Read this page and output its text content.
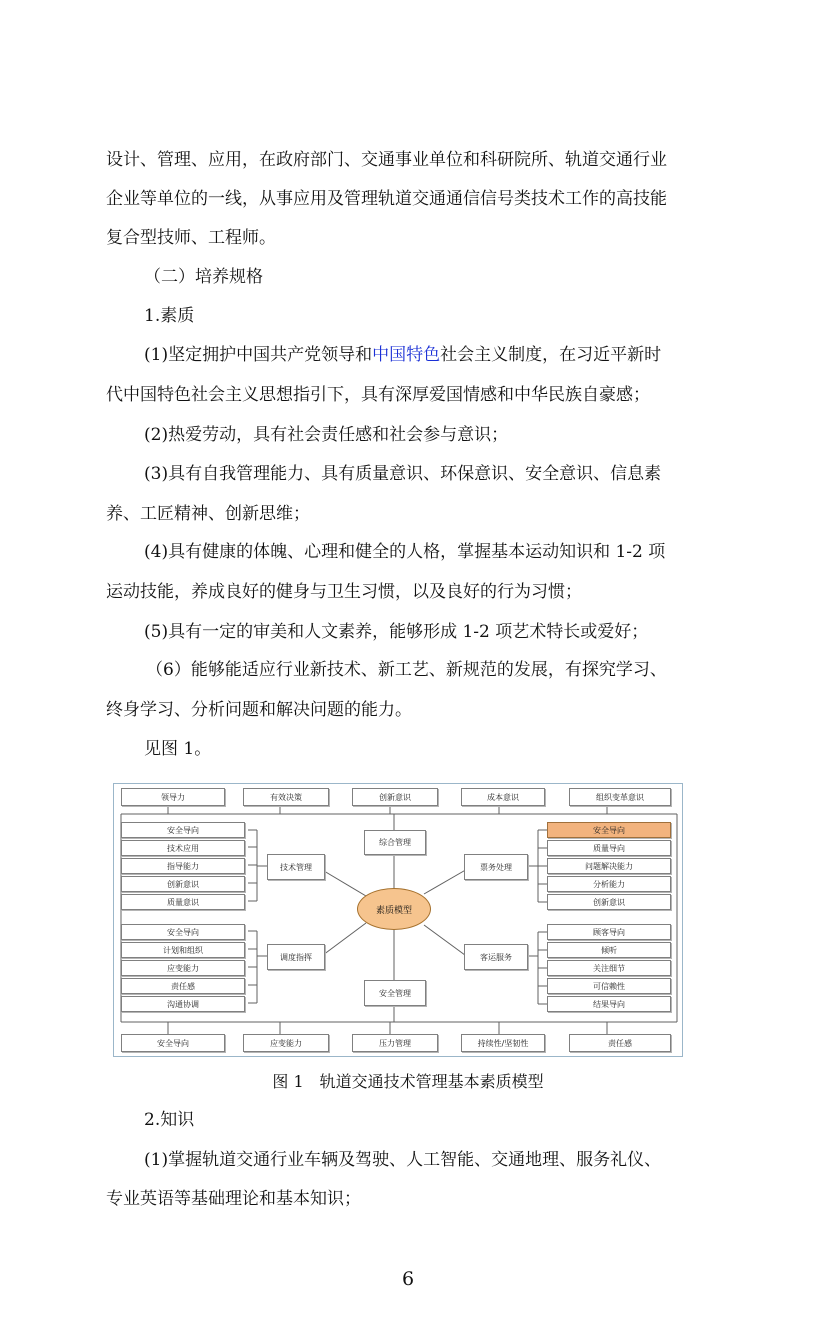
设计、管理、应用，在政府部门、交通事业单位和科研院所、轨道交通行业
企业等单位的一线，从事应用及管理轨道交通通信信号类技术工作的高技能
复合型技师、工程师。
（二）培养规格
1.素质
(1)坚定拥护中国共产党领导和中国特色社会主义制度，在习近平新时
代中国特色社会主义思想指引下，具有深厚爱国情感和中华民族自豪感；
(2)热爱劳动，具有社会责任感和社会参与意识；
(3)具有自我管理能力、具有质量意识、环保意识、安全意识、信息素
养、工匠精神、创新思维；
(4)具有健康的体魄、心理和健全的人格，掌握基本运动知识和 1-2 项
运动技能，养成良好的健身与卫生习惯，以及良好的行为习惯；
(5)具有一定的审美和人文素养，能够形成 1-2 项艺术特长或爱好；
（6）能够能适应行业新技术、新工艺、新规范的发展，有探究学习、
终身学习、分析问题和解决问题的能力。
见图 1。
领导力	有效决策	创新意识	成本意识	组织变革意识
安全导向
技术应用
指导能力
创新意识
质量意识
安全导向
计划和组织
应变能力
责任感
沟通协调
安全导向
质量导向
问题解决能力
分析能力
创新意识
顾客导向
倾听
关注细节
可信赖性
结果导向
综合管理
技术管理
调度指挥
票务处理
客运服务
安全管理
素质模型
安全导向	应变能力	压力管理	持续性/坚韧性	责任感
图 1　轨道交通技术管理基本素质模型
2.知识
(1)掌握轨道交通行业车辆及驾驶、人工智能、交通地理、服务礼仪、
专业英语等基础理论和基本知识；
6
